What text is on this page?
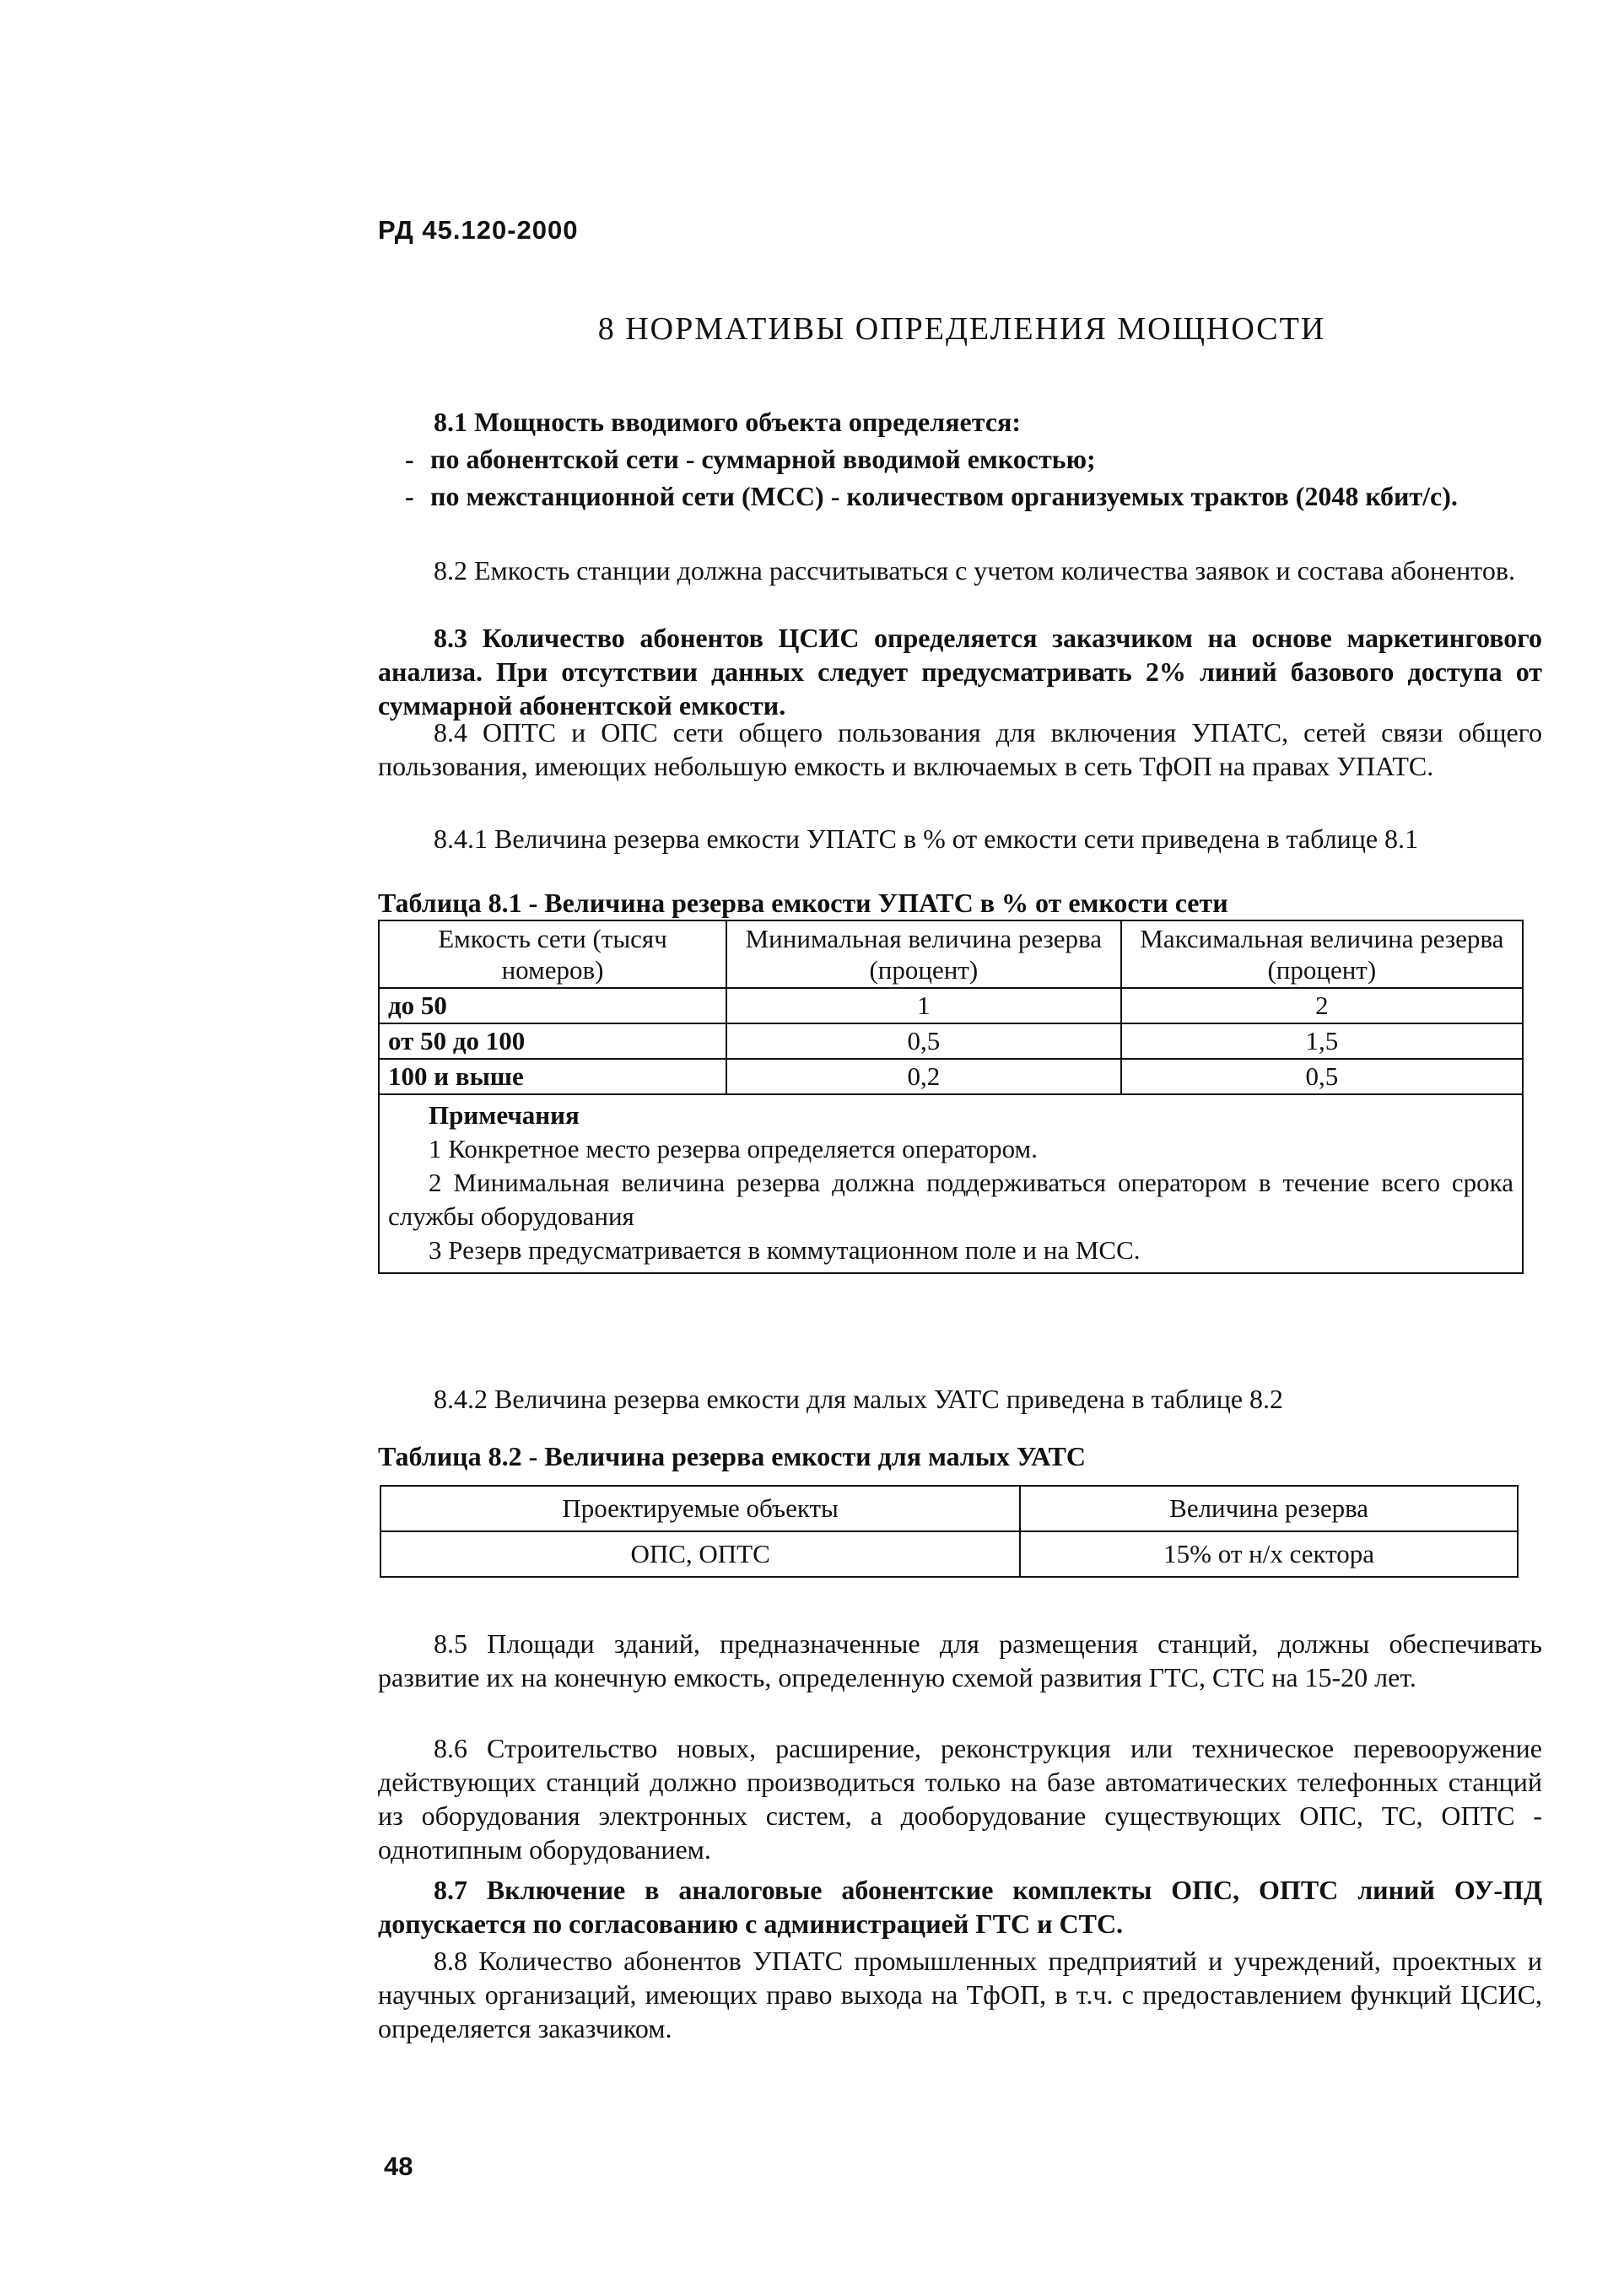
РД 45.120-2000
8 НОРМАТИВЫ ОПРЕДЕЛЕНИЯ МОЩНОСТИ
8.1 Мощность вводимого объекта определяется:
- по абонентской сети - суммарной вводимой емкостью;
- по межстанционной сети (МСС) - количеством организуемых трактов (2048 кбит/с).
8.2 Емкость станции должна рассчитываться с учетом количества заявок и состава абонентов.
8.3 Количество абонентов ЦСИС определяется заказчиком на основе маркетингового анализа. При отсутствии данных следует предусматривать 2% линий базового доступа от суммарной абонентской емкости.
8.4 ОПТС и ОПС сети общего пользования для включения УПАТС, сетей связи общего пользования, имеющих небольшую емкость и включаемых в сеть ТфОП на правах УПАТС.
8.4.1 Величина резерва емкости УПАТС в % от емкости сети приведена в таблице 8.1
Таблица 8.1 - Величина резерва емкости УПАТС в % от емкости сети
Емкость сети (тысяч номеров)	Минимальная величина резерва (процент)	Максимальная величина резерва (процент)
до 50	1	2
от 50 до 100	0,5	1,5
100 и выше	0,2	0,5

Примечания
1 Конкретное место резерва определяется оператором.
2 Минимальная величина резерва должна поддерживаться оператором в течение всего срока службы оборудования
3 Резерв предусматривается в коммутационном поле и на МСС.		
8.4.2 Величина резерва емкости для малых УАТС приведена в таблице 8.2
Таблица 8.2 - Величина резерва емкости для малых УАТС
Проектируемые объекты	Величина резерва
ОПС, ОПТС	15% от н/х сектора
8.5 Площади зданий, предназначенные для размещения станций, должны обеспечивать развитие их на конечную емкость, определенную схемой развития ГТС, СТС на 15-20 лет.
8.6 Строительство новых, расширение, реконструкция или техническое перевооружение действующих станций должно производиться только на базе автоматических телефонных станций из оборудования электронных систем, а дооборудование существующих ОПС, ТС, ОПТС - однотипным оборудованием.
8.7 Включение в аналоговые абонентские комплекты ОПС, ОПТС линий ОУ-ПД допускается по согласованию с администрацией ГТС и СТС.
8.8 Количество абонентов УПАТС промышленных предприятий и учреждений, проектных и научных организаций, имеющих право выхода на ТфОП, в т.ч. с предоставлением функций ЦСИС, определяется заказчиком.
48
